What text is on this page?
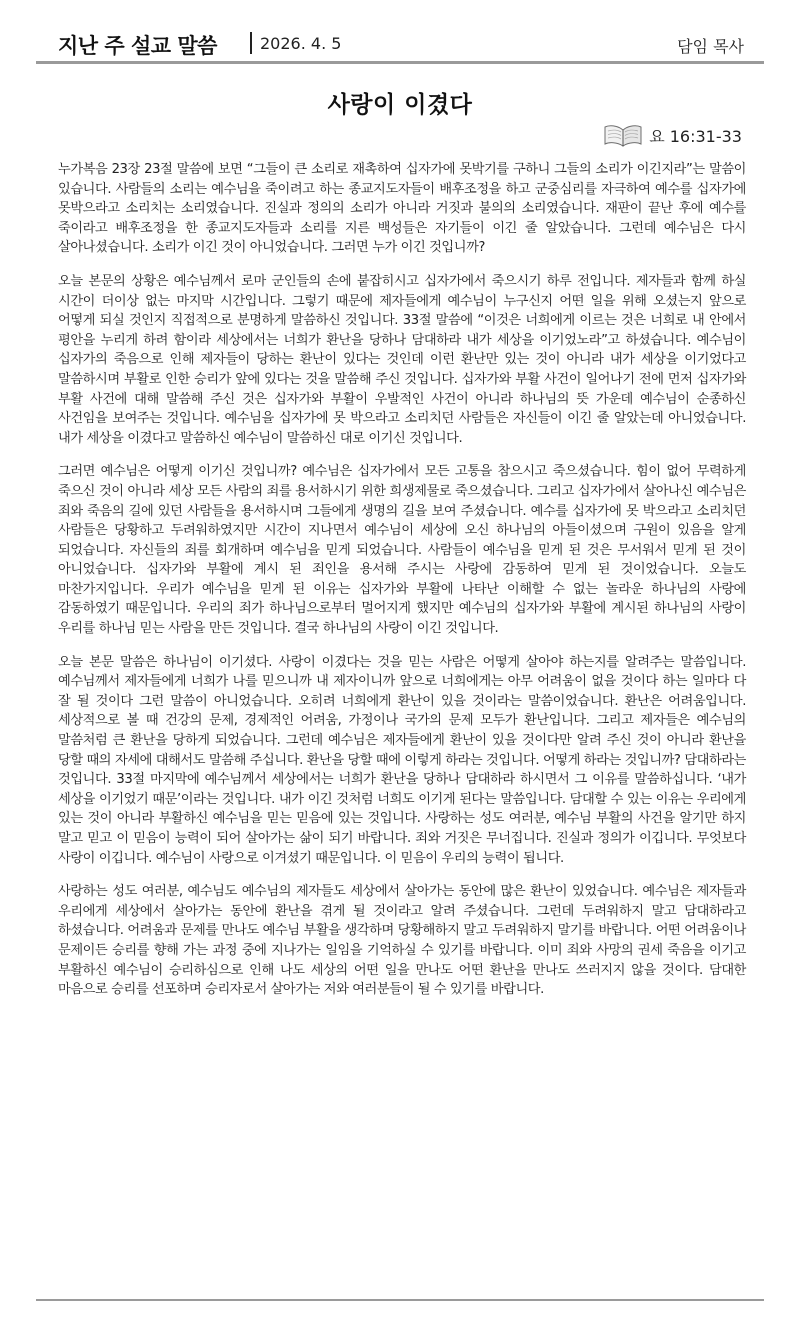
지난 주 설교 말씀	2026. 4. 5	담임 목사
사랑이 이겼다
요 16:31-33

누가복음 23장 23절 말씀에 보면 “그들이 큰 소리로 재촉하여 십자가에 못박기를 구하니 그들의 소리가 이긴지라”는 말씀이 있습니다. 사람들의 소리는 예수님을 죽이려고 하는 종교지도자들이 배후조정을 하고 군중심리를 자극하여 예수를 십자가에 못박으라고 소리치는 소리였습니다. 진실과 정의의 소리가 아니라 거짓과 불의의 소리였습니다. 재판이 끝난 후에 예수를 죽이라고 배후조정을 한 종교지도자들과 소리를 지른 백성들은 자기들이 이긴 줄 알았습니다. 그런데 예수님은 다시 살아나셨습니다. 소리가 이긴 것이 아니었습니다. 그러면 누가 이긴 것입니까?

오늘 본문의 상황은 예수님께서 로마 군인들의 손에 붙잡히시고 십자가에서 죽으시기 하루 전입니다. 제자들과 함께 하실 시간이 더이상 없는 마지막 시간입니다. 그렇기 때문에 제자들에게 예수님이 누구신지 어떤 일을 위해 오셨는지 앞으로 어떻게 되실 것인지 직접적으로 분명하게 말씀하신 것입니다. 33절 말씀에 “이것은 너희에게 이르는 것은 너희로 내 안에서 평안을 누리게 하려 함이라 세상에서는 너희가 환난을 당하나 담대하라 내가 세상을 이기었노라”고 하셨습니다. 예수님이 십자가의 죽음으로 인해 제자들이 당하는 환난이 있다는 것인데 이런 환난만 있는 것이 아니라 내가 세상을 이기었다고 말씀하시며 부활로 인한 승리가 앞에 있다는 것을 말씀해 주신 것입니다. 십자가와 부활 사건이 일어나기 전에 먼저 십자가와 부활 사건에 대해 말씀해 주신 것은 십자가와 부활이 우발적인 사건이 아니라 하나님의 뜻 가운데 예수님이 순종하신 사건임을 보여주는 것입니다. 예수님을 십자가에 못 박으라고 소리치던 사람들은 자신들이 이긴 줄 알았는데 아니었습니다. 내가 세상을 이겼다고 말씀하신 예수님이 말씀하신 대로 이기신 것입니다.

그러면 예수님은 어떻게 이기신 것입니까? 예수님은 십자가에서 모든 고통을 참으시고 죽으셨습니다. 힘이 없어 무력하게 죽으신 것이 아니라 세상 모든 사람의 죄를 용서하시기 위한 희생제물로 죽으셨습니다. 그리고 십자가에서 살아나신 예수님은 죄와 죽음의 길에 있던 사람들을 용서하시며 그들에게 생명의 길을 보여 주셨습니다. 예수를 십자가에 못 박으라고 소리치던 사람들은 당황하고 두려워하였지만 시간이 지나면서 예수님이 세상에 오신 하나님의 아들이셨으며 구원이 있음을 알게 되었습니다. 자신들의 죄를 회개하며 예수님을 믿게 되었습니다. 사람들이 예수님을 믿게 된 것은 무서워서 믿게 된 것이 아니었습니다. 십자가와 부활에 계시 된 죄인을 용서해 주시는 사랑에 감동하여 믿게 된 것이었습니다. 오늘도 마찬가지입니다. 우리가 예수님을 믿게 된 이유는 십자가와 부활에 나타난 이해할 수 없는 놀라운 하나님의 사랑에 감동하였기 때문입니다. 우리의 죄가 하나님으로부터 멀어지게 했지만 예수님의 십자가와 부활에 계시된 하나님의 사랑이 우리를 하나님 믿는 사람을 만든 것입니다. 결국 하나님의 사랑이 이긴 것입니다.

오늘 본문 말씀은 하나님이 이기셨다. 사랑이 이겼다는 것을 믿는 사람은 어떻게 살아야 하는지를 알려주는 말씀입니다. 예수님께서 제자들에게 너희가 나를 믿으니까 내 제자이니까 앞으로 너희에게는 아무 어려움이 없을 것이다 하는 일마다 다 잘 될 것이다 그런 말씀이 아니었습니다. 오히려 너희에게 환난이 있을 것이라는 말씀이었습니다. 환난은 어려움입니다. 세상적으로 볼 때 건강의 문제, 경제적인 어려움, 가정이나 국가의 문제 모두가 환난입니다. 그리고 제자들은 예수님의 말씀처럼 큰 환난을 당하게 되었습니다. 그런데 예수님은 제자들에게 환난이 있을 것이다만 알려 주신 것이 아니라 환난을 당할 때의 자세에 대해서도 말씀해 주십니다. 환난을 당할 때에 이렇게 하라는 것입니다. 어떻게 하라는 것입니까? 담대하라는 것입니다. 33절 마지막에 예수님께서 세상에서는 너희가 환난을 당하나 담대하라 하시면서 그 이유를 말씀하십니다. ‘내가 세상을 이기었기 때문’이라는 것입니다. 내가 이긴 것처럼 너희도 이기게 된다는 말씀입니다. 담대할 수 있는 이유는 우리에게 있는 것이 아니라 부활하신 예수님을 믿는 믿음에 있는 것입니다. 사랑하는 성도 여러분, 예수님 부활의 사건을 알기만 하지 말고 믿고 이 믿음이 능력이 되어 살아가는 삶이 되기 바랍니다. 죄와 거짓은 무너집니다. 진실과 정의가 이깁니다. 무엇보다 사랑이 이깁니다. 예수님이 사랑으로 이겨셨기 때문입니다. 이 믿음이 우리의 능력이 됩니다.

사랑하는 성도 여러분, 예수님도 예수님의 제자들도 세상에서 살아가는 동안에 많은 환난이 있었습니다. 예수님은 제자들과 우리에게 세상에서 살아가는 동안에 환난을 겪게 될 것이라고 알려 주셨습니다. 그런데 두려워하지 말고 담대하라고 하셨습니다. 어려움과 문제를 만나도 예수님 부활을 생각하며 당황해하지 말고 두려워하지 말기를 바랍니다. 어떤 어려움이나 문제이든 승리를 향해 가는 과정 중에 지나가는 일임을 기억하실 수 있기를 바랍니다. 이미 죄와 사망의 권세 죽음을 이기고 부활하신 예수님이 승리하심으로 인해 나도 세상의 어떤 일을 만나도 어떤 환난을 만나도 쓰러지지 않을 것이다. 담대한 마음으로 승리를 선포하며 승리자로서 살아가는 저와 여러분들이 될 수 있기를 바랍니다.
